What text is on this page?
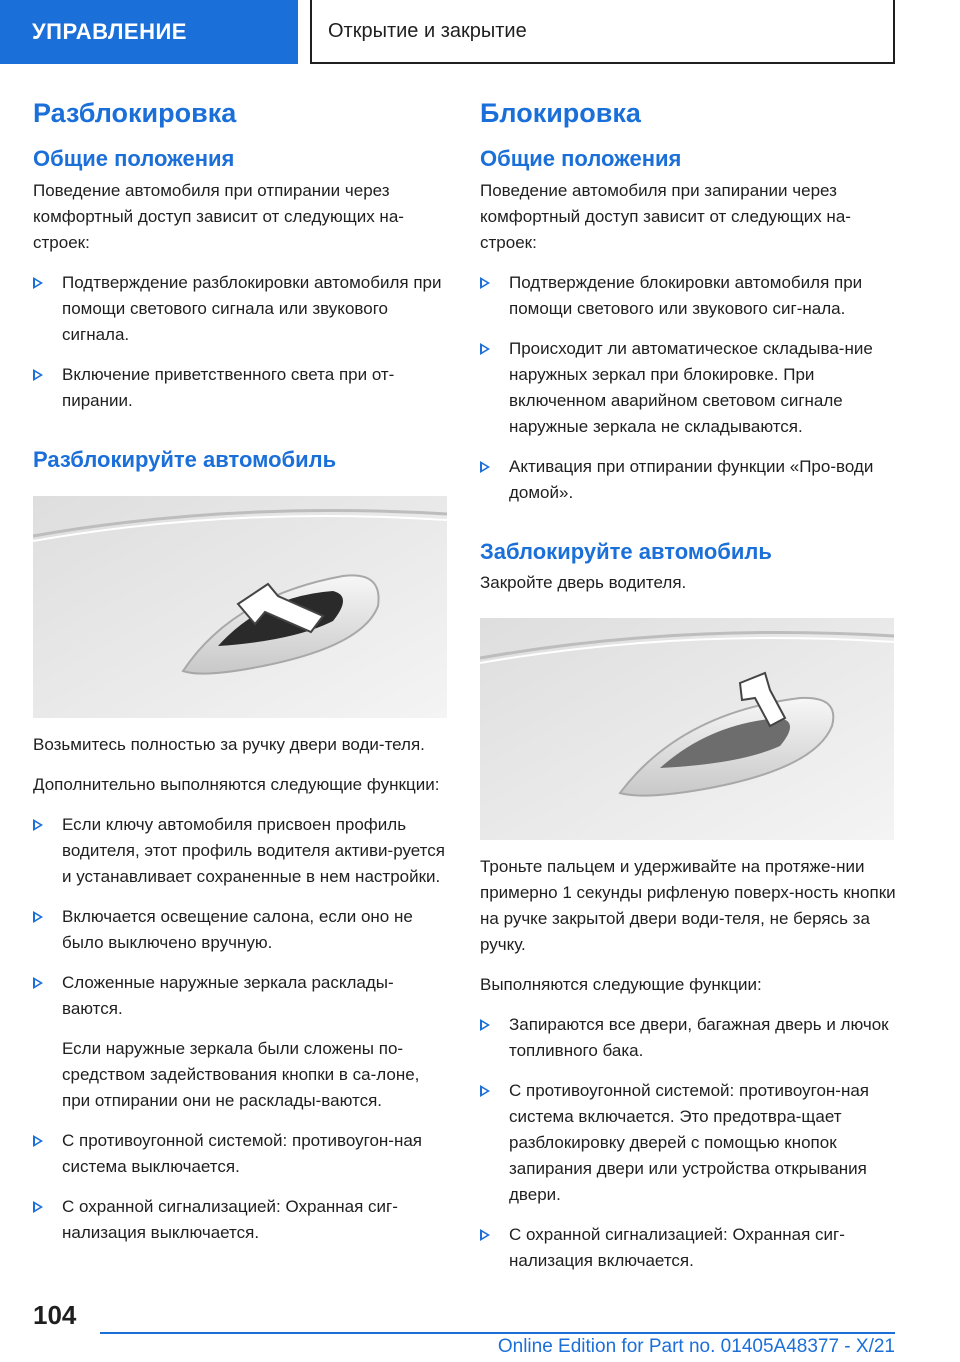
УПРАВЛЕНИЕ	Открытие и закрытие
Разблокировка
Общие положения

Поведение автомобиля при отпирании через комфортный доступ зависит от следующих на-строек:

Подтверждение разблокировки автомобиля при помощи светового сигнала или звукового сигнала.
Включение приветственного света при от-пирании.
Разблокируйте автомобиль

Возьмитесь полностью за ручку двери води-теля.

Дополнительно выполняются следующие функции:

Если ключу автомобиля присвоен профиль водителя, этот профиль водителя активи-руется и устанавливает сохраненные в нем настройки.
Включается освещение салона, если оно не было выключено вручную.
Сложенные наружные зеркала расклады-ваются.

Если наружные зеркала были сложены по-средством задействования кнопки в са-лоне, при отпирании они не расклады-ваются.

С противоугонной системой: противоугон-ная система выключается.
С охранной сигнализацией: Охранная сиг-нализация выключается.
Блокировка
Общие положения

Поведение автомобиля при запирании через комфортный доступ зависит от следующих на-строек:

Подтверждение блокировки автомобиля при помощи светового или звукового сиг-нала.
Происходит ли автоматическое складыва-ние наружных зеркал при блокировке. При включенном аварийном световом сигнале наружные зеркала не складываются.
Активация при отпирании функции «Про-води домой».
Заблокируйте автомобиль

Закройте дверь водителя.

Троньте пальцем и удерживайте на протяже-нии примерно 1 секунды рифленую поверх-ность кнопки на ручке закрытой двери води-теля, не берясь за ручку.

Выполняются следующие функции:

Запираются все двери, багажная дверь и лючок топливного бака.
С противоугонной системой: противоугон-ная система включается. Это предотвра-щает разблокировку дверей с помощью кнопок запирания двери или устройства открывания двери.
С охранной сигнализацией: Охранная сиг-нализация включается.
104
Online Edition for Part no. 01405A48377 - X/21
